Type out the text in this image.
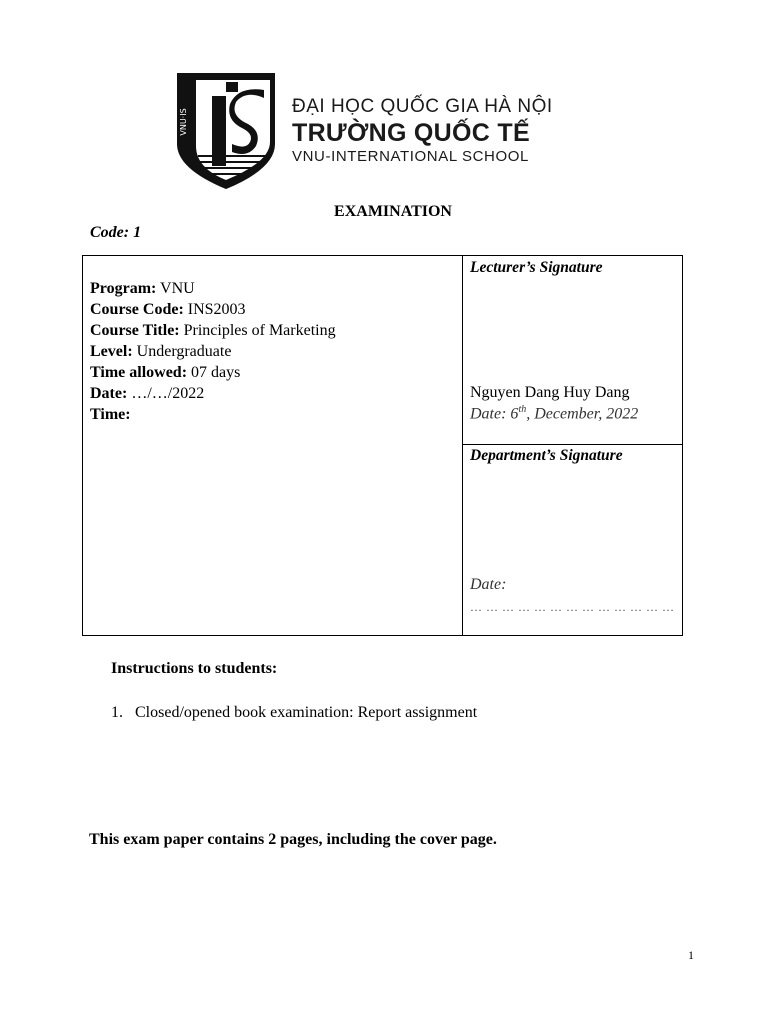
VNU·IS
ĐẠI HỌC QUỐC GIA HÀ NỘI
TRƯỜNG QUỐC TẾ
VNU-INTERNATIONAL SCHOOL
EXAMINATION
Code: 1
Program: VNU
Course Code: INS2003
Course Title: Principles of Marketing
Level: Undergraduate
Time allowed: 07 days
Date: …/…/2022
Time:
Lecturer’s Signature
Nguyen Dang Huy Dang
Date: 6th, December, 2022
Department’s Signature
Date:
… … … … … … … … … … … … …
Instructions to students:
1. Closed/opened book examination: Report assignment
This exam paper contains 2 pages, including the cover page.
1
